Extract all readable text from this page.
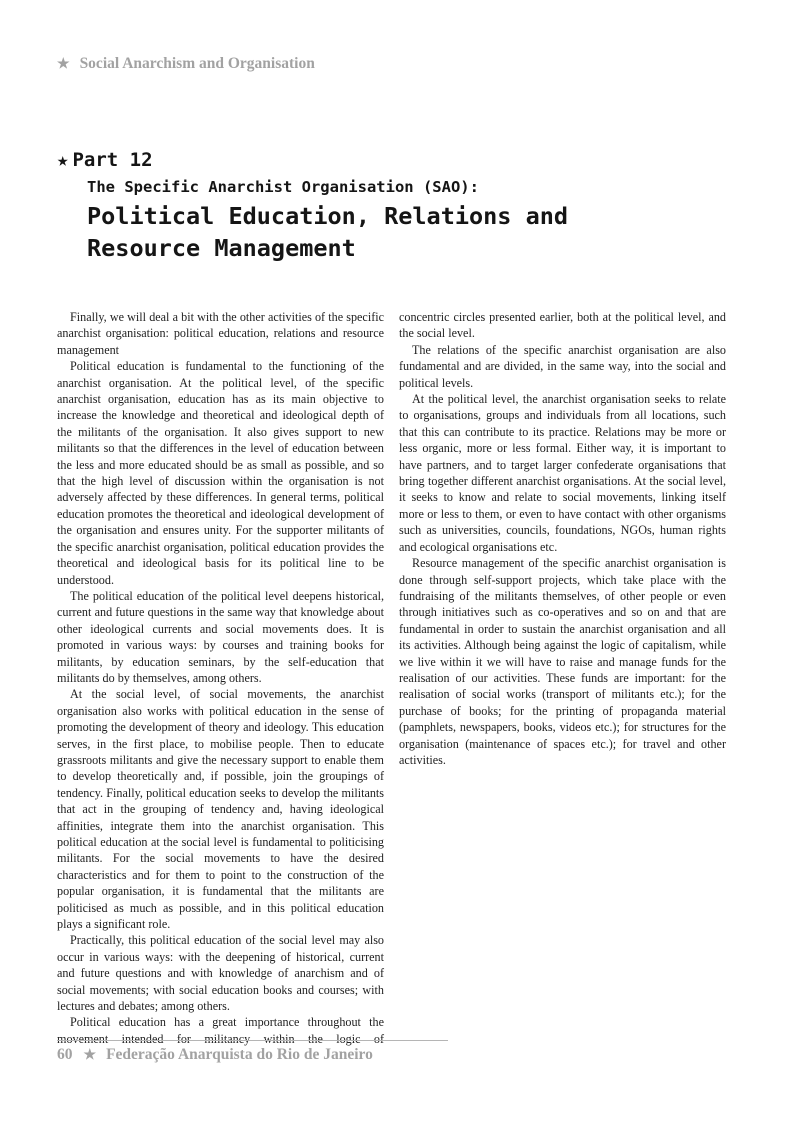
★ Social Anarchism and Organisation
★ Part 12
The Specific Anarchist Organisation (SAO):
Political Education, Relations and Resource Management

Finally, we will deal a bit with the other activities of the specific anarchist organisation: political education, relations and resource management

Political education is fundamental to the functioning of the anarchist organisation. At the political level, of the specific anarchist organisation, education has as its main objective to increase the knowledge and theoretical and ideological depth of the militants of the organisation. It also gives support to new militants so that the differences in the level of education between the less and more educated should be as small as possible, and so that the high level of discussion within the organisation is not adversely affected by these differences. In general terms, political education promotes the theoretical and ideological development of the organisation and ensures unity. For the supporter militants of the specific anarchist organisation, political education provides the theoretical and ideological basis for its political line to be understood.

The political education of the political level deepens historical, current and future questions in the same way that knowledge about other ideological currents and social movements does. It is promoted in various ways: by courses and training books for militants, by education seminars, by the self-education that militants do by themselves, among others.

At the social level, of social movements, the anarchist organisation also works with political education in the sense of promoting the development of theory and ideology. This education serves, in the first place, to mobilise people. Then to educate grassroots militants and give the necessary support to enable them to develop theoretically and, if possible, join the groupings of tendency. Finally, political education seeks to develop the militants that act in the grouping of tendency and, having ideological affinities, integrate them into the anarchist organisation. This political education at the social level is fundamental to politicising militants. For the social movements to have the desired characteristics and for them to point to the construction of the popular organisation, it is fundamental that the militants are politicised as much as possible, and in this political education plays a significant role.

Practically, this political education of the social level may also occur in various ways: with the deepening of historical, current and future questions and with knowledge of anarchism and of social movements; with social education books and courses; with lectures and debates; among others.

Political education has a great importance throughout the movement intended for militancy within the logic of

concentric circles presented earlier, both at the political level, and the social level.

The relations of the specific anarchist organisation are also fundamental and are divided, in the same way, into the social and political levels.

At the political level, the anarchist organisation seeks to relate to organisations, groups and individuals from all locations, such that this can contribute to its practice. Relations may be more or less organic, more or less formal. Either way, it is important to have partners, and to target larger confederate organisations that bring together different anarchist organisations. At the social level, it seeks to know and relate to social movements, linking itself more or less to them, or even to have contact with other organisms such as universities, councils, foundations, NGOs, human rights and ecological organisations etc.

Resource management of the specific anarchist organisation is done through self-support projects, which take place with the fundraising of the militants themselves, of other people or even through initiatives such as co-operatives and so on and that are fundamental in order to sustain the anarchist organisation and all its activities. Although being against the logic of capitalism, while we live within it we will have to raise and manage funds for the realisation of our activities. These funds are important: for the realisation of social works (transport of militants etc.); for the purchase of books; for the printing of propaganda material (pamphlets, newspapers, books, videos etc.); for structures for the organisation (maintenance of spaces etc.); for travel and other activities.

60 ★ Federação Anarquista do Rio de Janeiro
